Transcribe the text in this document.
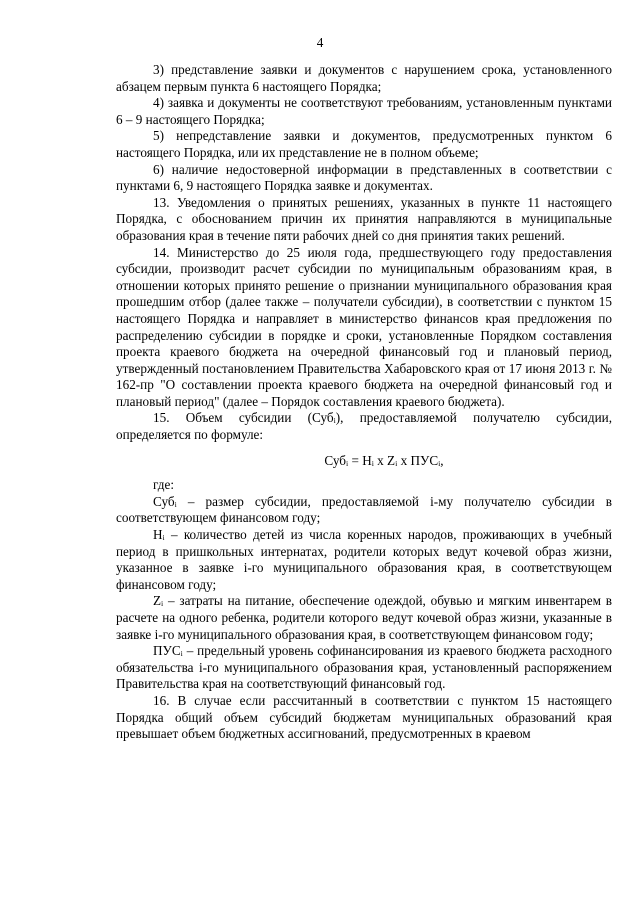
4

3) представление заявки и документов с нарушением срока, установленного абзацем первым пункта 6 настоящего Порядка;

4) заявка и документы не соответствуют требованиям, установленным пунктами 6 – 9 настоящего Порядка;

5) непредставление заявки и документов, предусмотренных пунктом 6 настоящего Порядка, или их представление не в полном объеме;

6) наличие недостоверной информации в представленных в соответствии с пунктами 6, 9 настоящего Порядка заявке и документах.

13. Уведомления о принятых решениях, указанных в пункте 11 настоящего Порядка, с обоснованием причин их принятия направляются в муниципальные образования края в течение пяти рабочих дней со дня принятия таких решений.

14. Министерство до 25 июля года, предшествующего году предоставления субсидии, производит расчет субсидии по муниципальным образованиям края, в отношении которых принято решение о признании муниципального образования края прошедшим отбор (далее также – получатели субсидии), в соответствии с пунктом 15 настоящего Порядка и направляет в министерство финансов края предложения по распределению субсидии в порядке и сроки, установленные Порядком составления проекта краевого бюджета на очередной финансовый год и плановый период, утвержденный постановлением Правительства Хабаровского края от 17 июня 2013 г. № 162-пр "О составлении проекта краевого бюджета на очередной финансовый год и плановый период" (далее – Порядок составления краевого бюджета).

15. Объем субсидии (Субᵢ), предоставляемой получателю субсидии, определяется по формуле:

Субᵢ = Нᵢ x Zᵢ x ПУСᵢ,

где:

Субᵢ – размер субсидии, предоставляемой i-му получателю субсидии в соответствующем финансовом году;

Нᵢ – количество детей из числа коренных народов, проживающих в учебный период в пришкольных интернатах, родители которых ведут кочевой образ жизни, указанное в заявке i-го муниципального образования края, в соответствующем финансовом году;

Zᵢ – затраты на питание, обеспечение одеждой, обувью и мягким инвентарем в расчете на одного ребенка, родители которого ведут кочевой образ жизни, указанные в заявке i-го муниципального образования края, в соответствующем финансовом году;

ПУСᵢ – предельный уровень софинансирования из краевого бюджета расходного обязательства i-го муниципального образования края, установленный распоряжением Правительства края на соответствующий финансовый год.

16. В случае если рассчитанный в соответствии с пунктом 15 настоящего Порядка общий объем субсидий бюджетам муниципальных образований края превышает объем бюджетных ассигнований, предусмотренных в краевом
